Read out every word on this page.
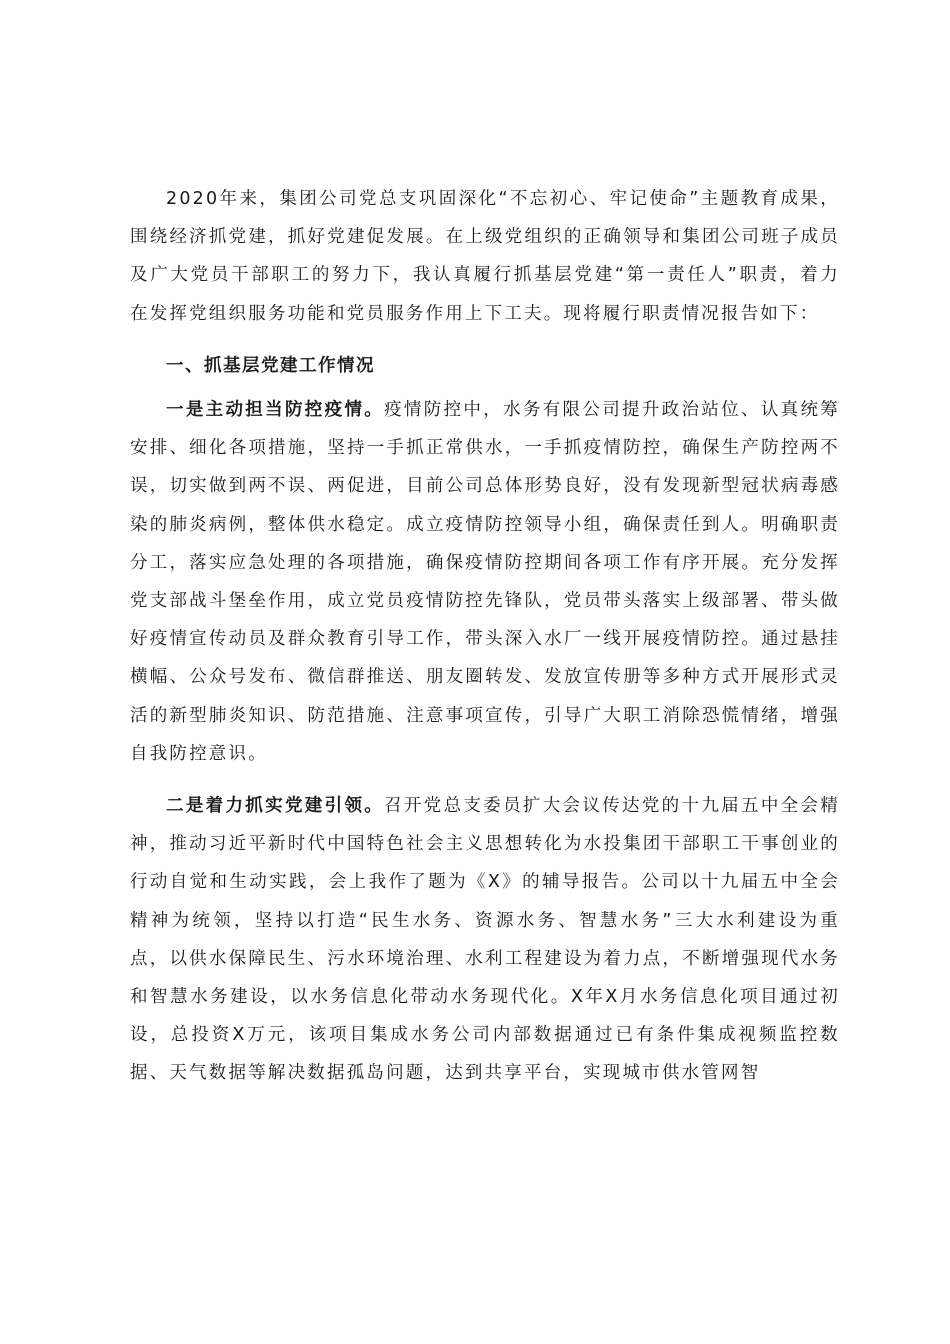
2020年来，集团公司党总支巩固深化“不忘初心、牢记使命”主题教育成果，围绕经济抓党建，抓好党建促发展。在上级党组织的正确领导和集团公司班子成员及广大党员干部职工的努力下，我认真履行抓基层党建“第一责任人”职责，着力在发挥党组织服务功能和党员服务作用上下工夫。现将履行职责情况报告如下：

一、抓基层党建工作情况

一是主动担当防控疫情。疫情防控中，水务有限公司提升政治站位、认真统筹安排、细化各项措施，坚持一手抓正常供水，一手抓疫情防控，确保生产防控两不误，切实做到两不误、两促进，目前公司总体形势良好，没有发现新型冠状病毒感染的肺炎病例，整体供水稳定。成立疫情防控领导小组，确保责任到人。明确职责分工，落实应急处理的各项措施，确保疫情防控期间各项工作有序开展。充分发挥党支部战斗堡垒作用，成立党员疫情防控先锋队，党员带头落实上级部署、带头做好疫情宣传动员及群众教育引导工作，带头深入水厂一线开展疫情防控。通过悬挂横幅、公众号发布、微信群推送、朋友圈转发、发放宣传册等多种方式开展形式灵活的新型肺炎知识、防范措施、注意事项宣传，引导广大职工消除恐慌情绪，增强自我防控意识。

二是着力抓实党建引领。召开党总支委员扩大会议传达党的十九届五中全会精神，推动习近平新时代中国特色社会主义思想转化为水投集团干部职工干事创业的行动自觉和生动实践，会上我作了题为《X》的辅导报告。公司以十九届五中全会精神为统领，坚持以打造“民生水务、资源水务、智慧水务”三大水利建设为重点，以供水保障民生、污水环境治理、水利工程建设为着力点，不断增强现代水务和智慧水务建设，以水务信息化带动水务现代化。X年X月水务信息化项目通过初设，总投资X万元，该项目集成水务公司内部数据通过已有条件集成视频监控数据、天气数据等解决数据孤岛问题，达到共享平台，实现城市供水管网智
